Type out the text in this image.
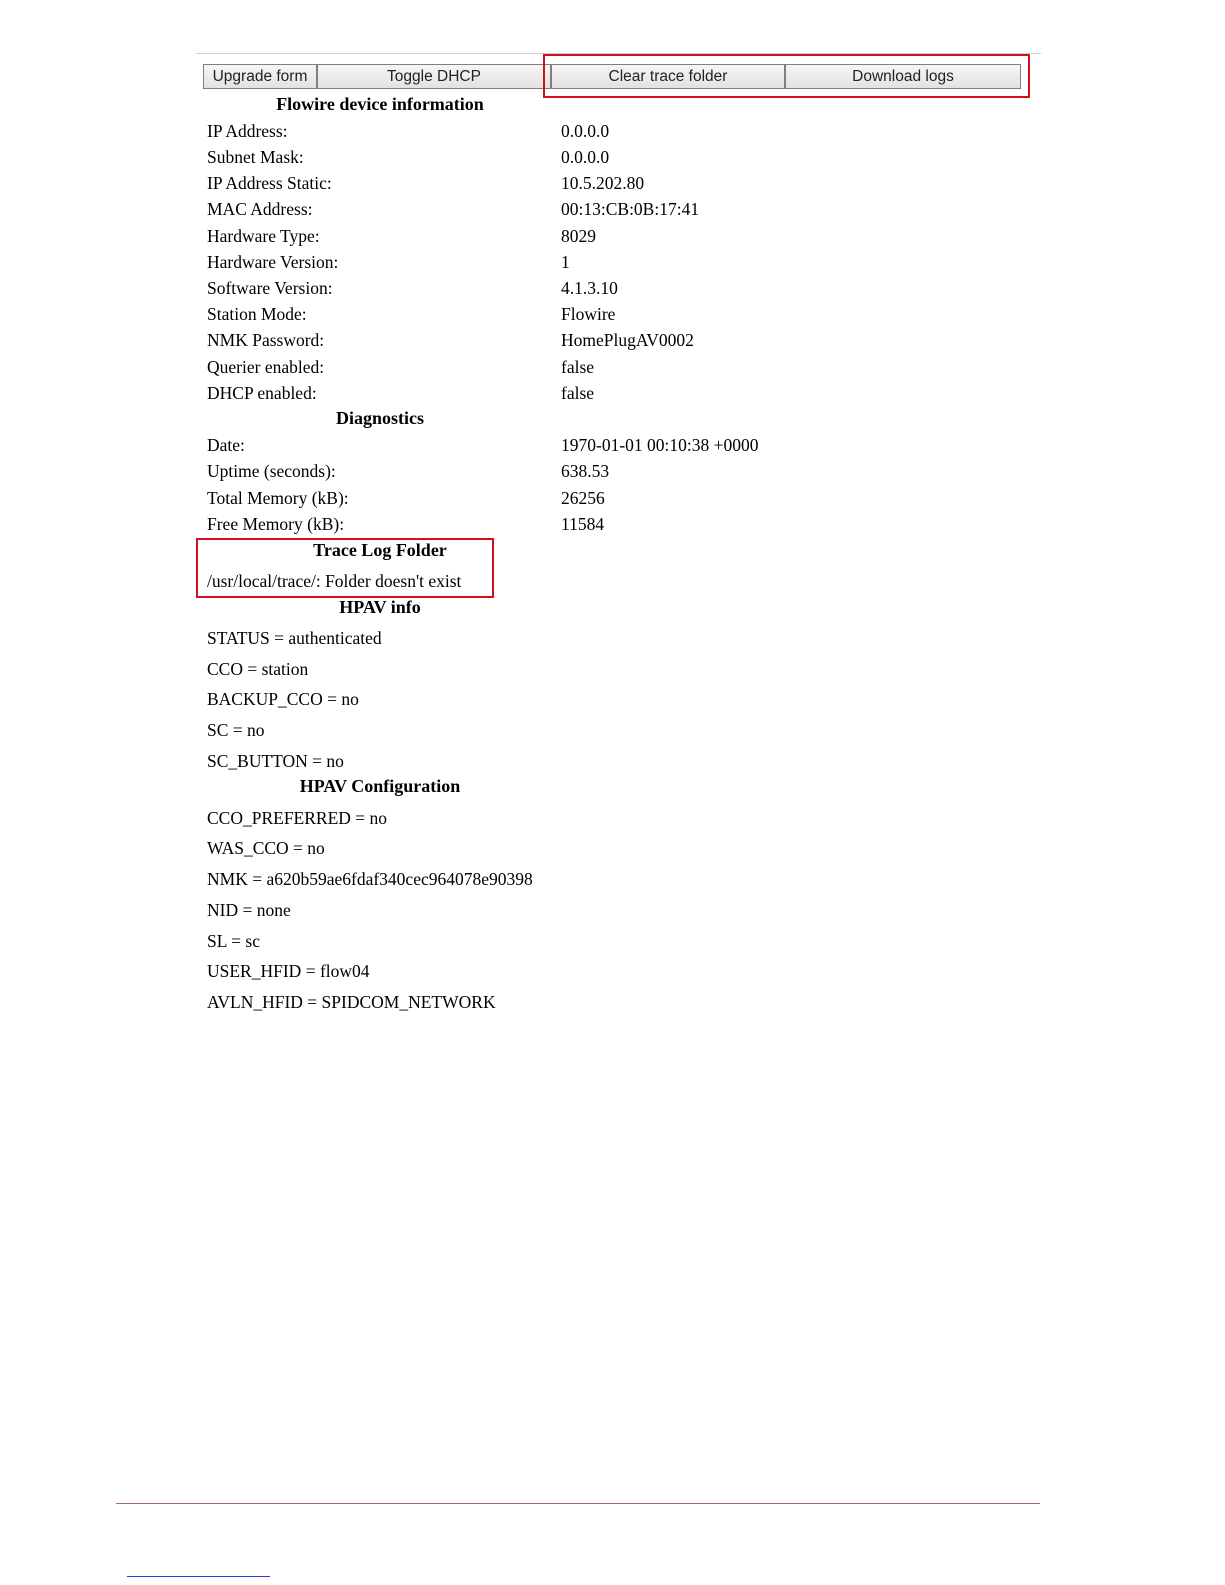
Upgrade form	Toggle DHCP	Clear trace folder	Download logs
Flowire device information
IP Address:	0.0.0.0
Subnet Mask:	0.0.0.0
IP Address Static:	10.5.202.80
MAC Address:	00:13:CB:0B:17:41
Hardware Type:	8029
Hardware Version:	1
Software Version:	4.1.3.10
Station Mode:	Flowire
NMK Password:	HomePlugAV0002
Querier enabled:	false
DHCP enabled:	false
Diagnostics
Date:	1970-01-01 00:10:38 +0000
Uptime (seconds):	638.53
Total Memory (kB):	26256
Free Memory (kB):	11584
Trace Log Folder
/usr/local/trace/: Folder doesn't exist
HPAV info
STATUS = authenticated
CCO = station
BACKUP_CCO = no
SC = no
SC_BUTTON = no
HPAV Configuration
CCO_PREFERRED = no
WAS_CCO = no
NMK = a620b59ae6fdaf340cec964078e90398
NID = none
SL = sc
USER_HFID = flow04
AVLN_HFID = SPIDCOM_NETWORK
